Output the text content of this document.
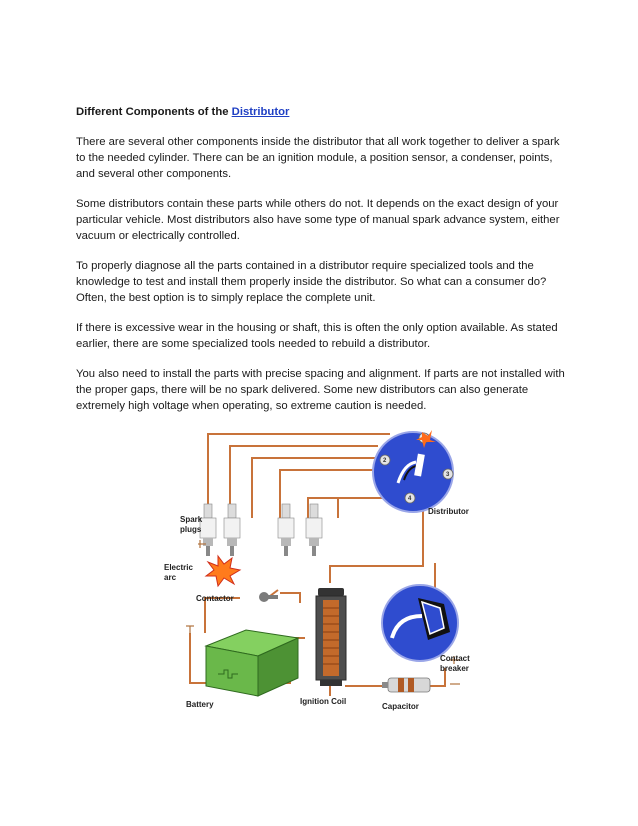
Different Components of the Distributor

There are several other components inside the distributor that all work together to deliver a spark to the needed cylinder. There can be an ignition module, a position sensor, a condenser, points, and several other components.

Some distributors contain these parts while others do not. It depends on the exact design of your particular vehicle. Most distributors also have some type of manual spark advance system, either vacuum or electrically controlled.

To properly diagnose all the parts contained in a distributor require specialized tools and the knowledge to test and install them properly inside the distributor. So what can a consumer do? Often, the best option is to simply replace the complete unit.

If there is excessive wear in the housing or shaft, this is often the only option available. As stated earlier, there are some specialized tools needed to rebuild a distributor.

You also need to install the parts with precise spacing and alignment. If parts are not installed with the proper gaps, there will be no spark delivered. Some new distributors can also generate extremely high voltage when operating, so extreme caution is needed.

2
3
4
Spark
plugs
Electric
arc
Contactor
Distributor
Battery	Ignition Coil
Capacitor
Contact
breaker
